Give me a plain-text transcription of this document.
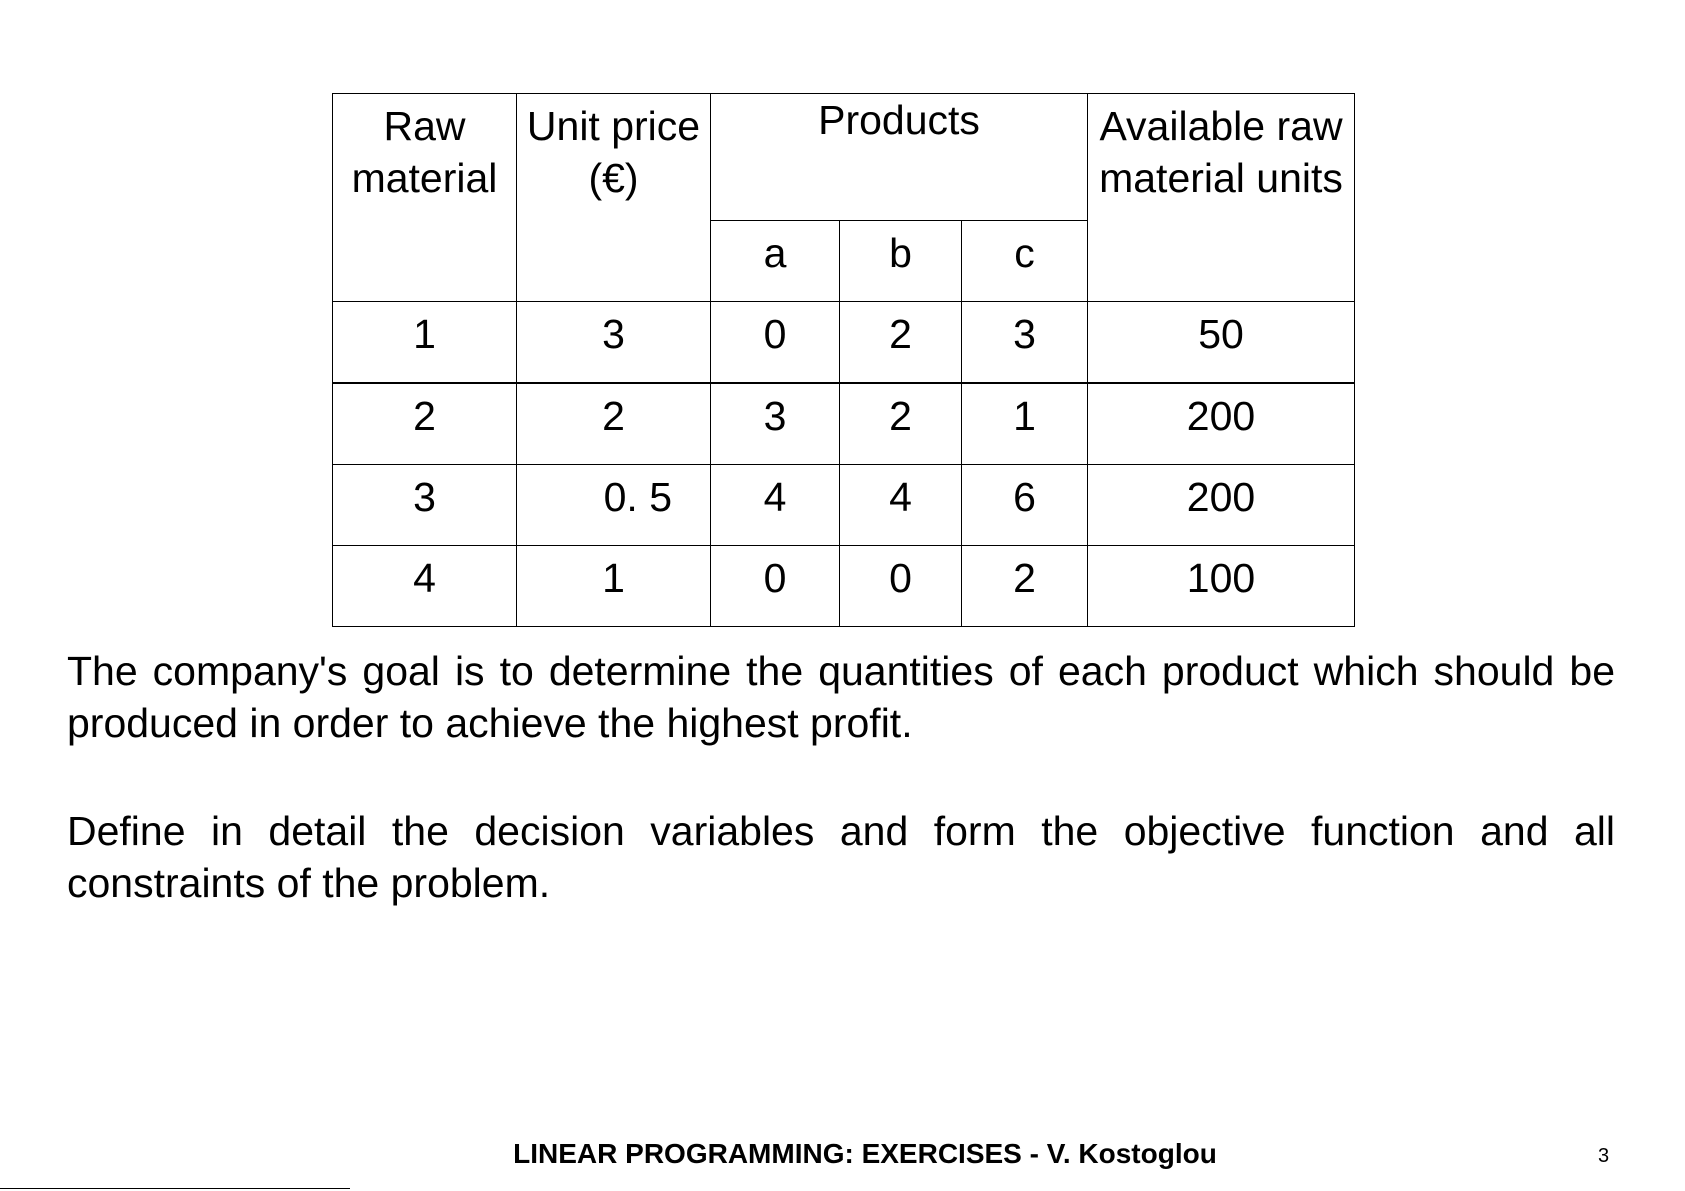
Raw material	Unit price (€)	Products			Available raw material units
		a	b	c	
1	3	0	2	3	50
2	2	3	2	1	200
3	0. 5	4	4	6	200
4	1	0	0	2	100

The company's goal is to determine the quantities of each product which should be produced in order to achieve the highest profit.

Define in detail the decision variables and form the objective function and all constraints of the problem.

LINEAR PROGRAMMING: EXERCISES - V. Kostoglou	3
